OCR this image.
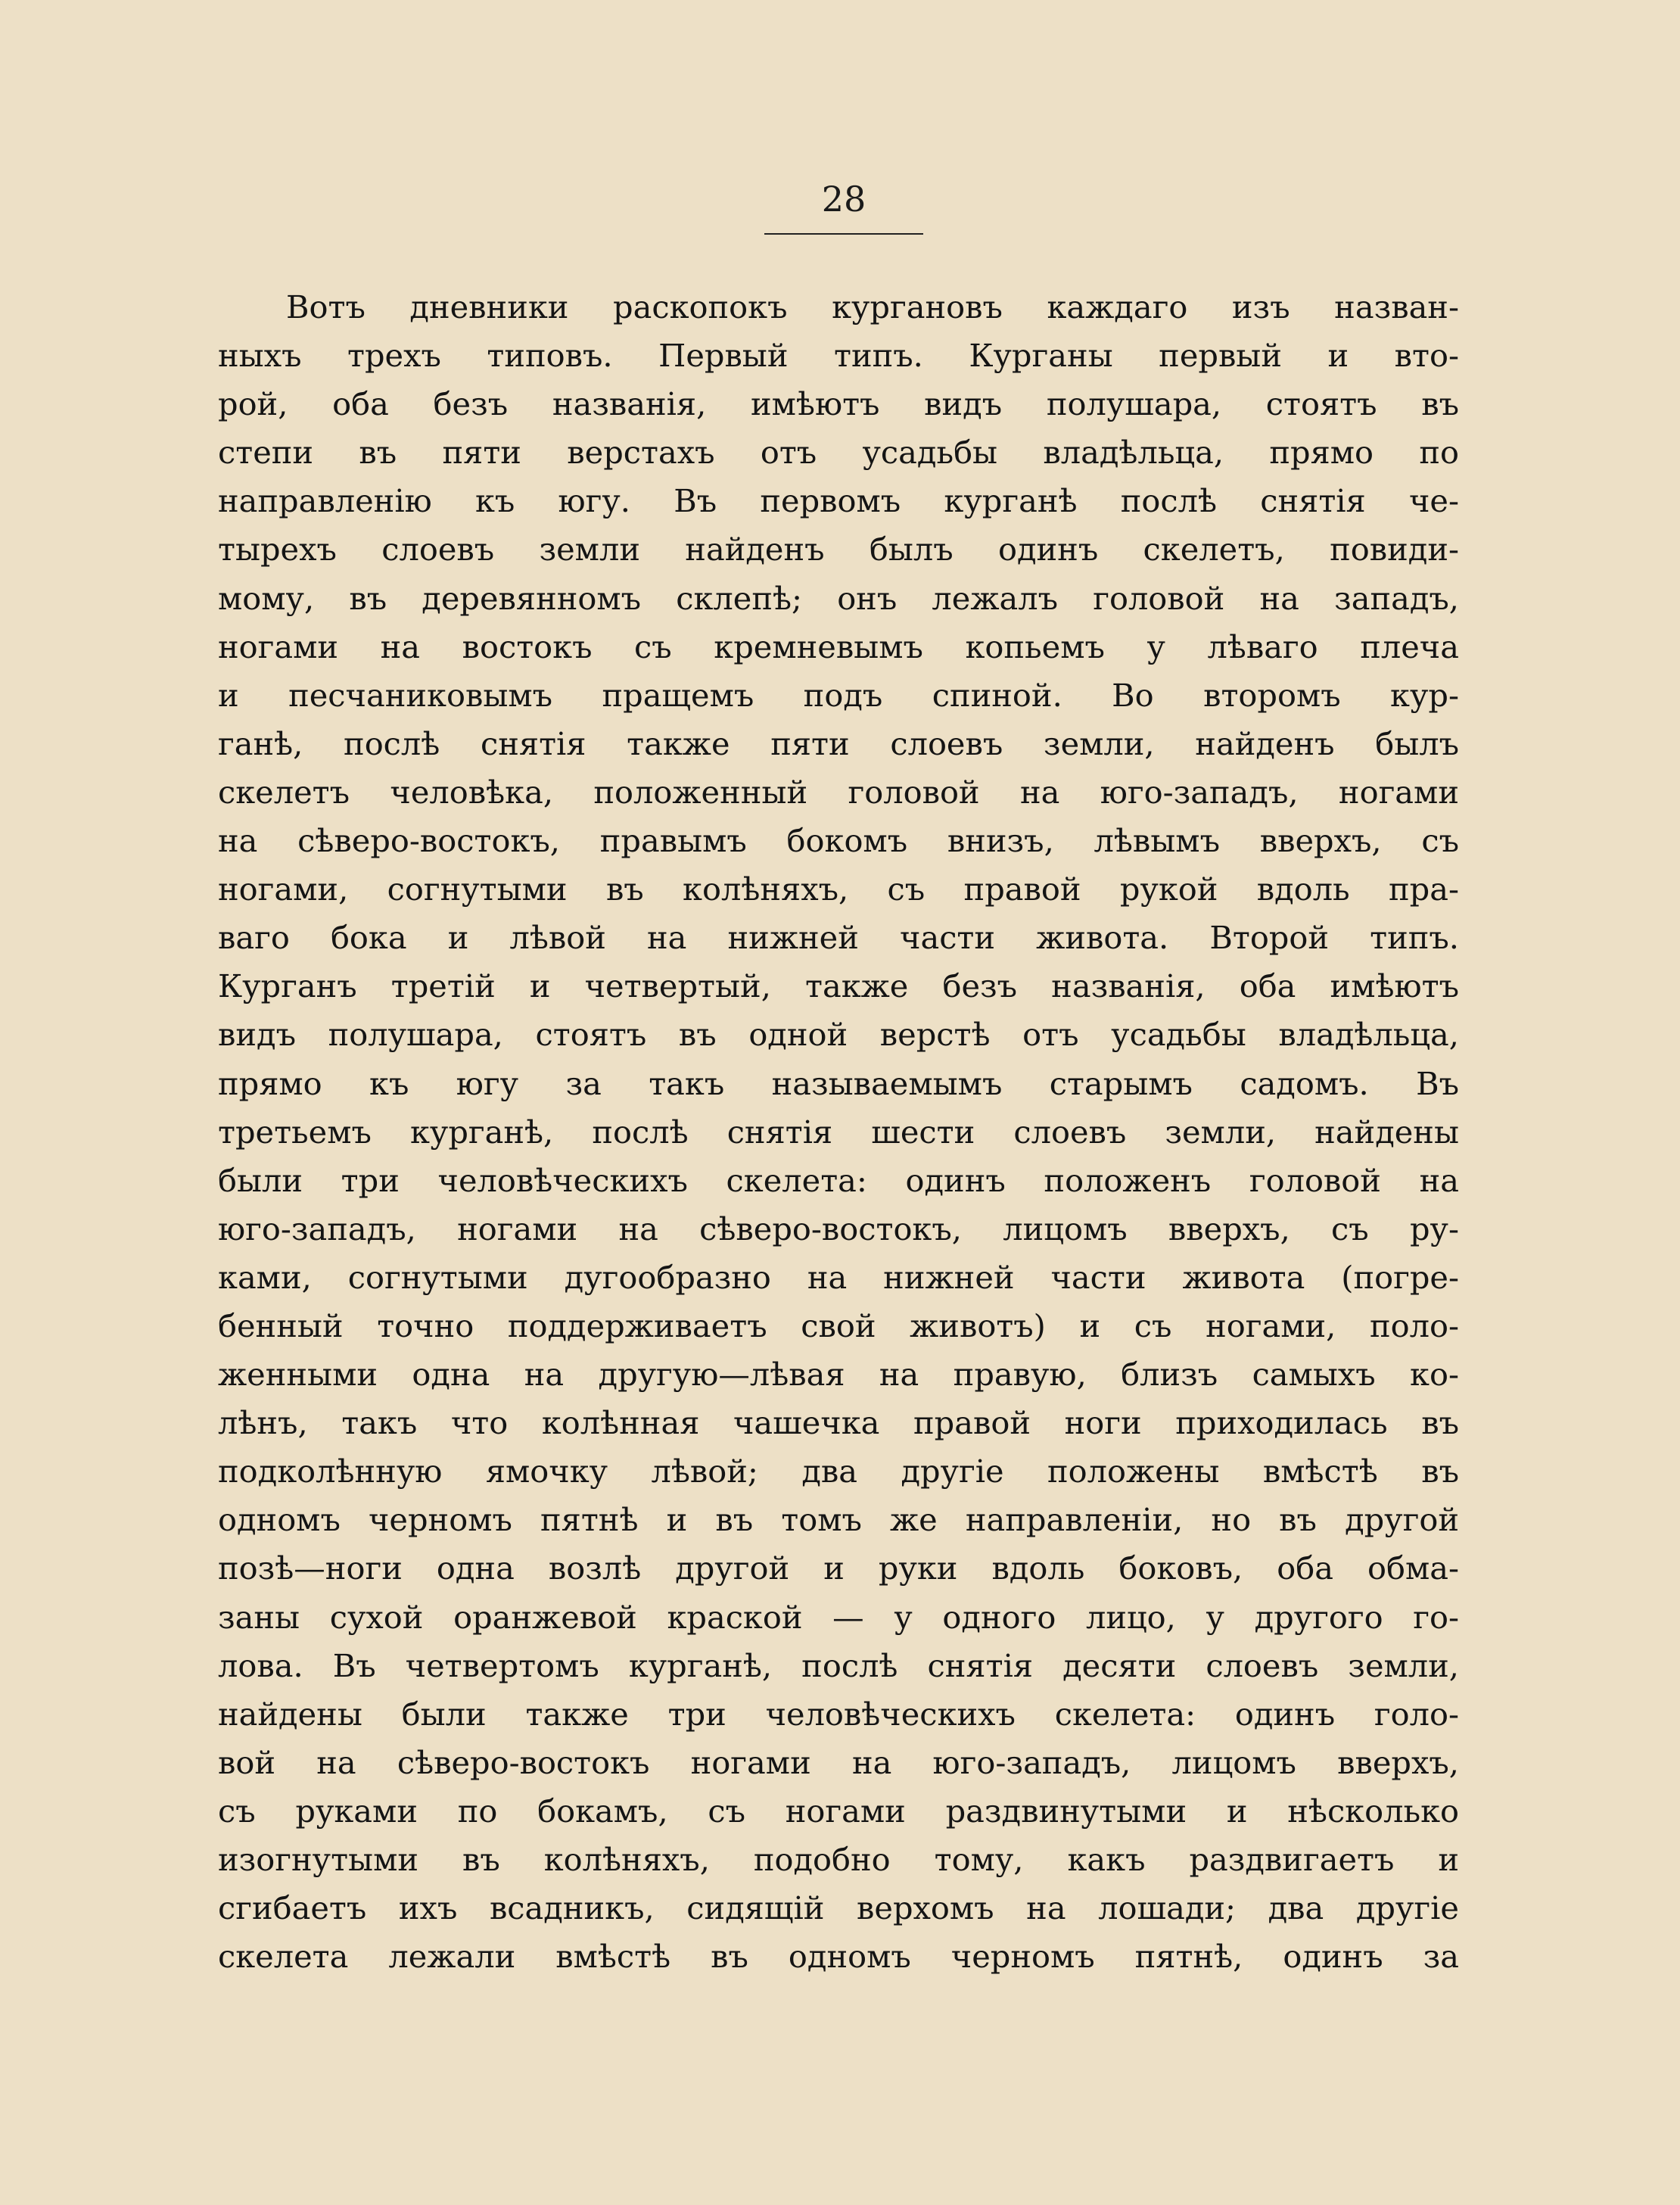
28
Вотъ дневники раскопокъ кургановъ каждаго изъ назван-
ныхъ трехъ типовъ. Первый типъ. Курганы первый и вто-
рой, оба безъ названія, имѣютъ видъ полушара, стоятъ въ
степи въ пяти верстахъ отъ усадьбы владѣльца, прямо по
направленію къ югу. Въ первомъ курганѣ послѣ снятія че-
тырехъ слоевъ земли найденъ былъ одинъ скелетъ, повиди-
мому, въ деревянномъ склепѣ; онъ лежалъ головой на западъ,
ногами на востокъ съ кремневымъ копьемъ у лѣваго плеча
и песчаниковымъ пращемъ подъ спиной. Во второмъ кур-
ганѣ, послѣ снятія также пяти слоевъ земли, найденъ былъ
скелетъ человѣка, положенный головой на юго-западъ, ногами
на сѣверо-востокъ, правымъ бокомъ внизъ, лѣвымъ вверхъ, съ
ногами, согнутыми въ колѣняхъ, съ правой рукой вдоль пра-
ваго бока и лѣвой на нижней части живота. Второй типъ.
Курганъ третій и четвертый, также безъ названія, оба имѣютъ
видъ полушара, стоятъ въ одной верстѣ отъ усадьбы владѣльца,
прямо къ югу за такъ называемымъ старымъ садомъ. Въ
третьемъ курганѣ, послѣ снятія шести слоевъ земли, найдены
были три человѣческихъ скелета: одинъ положенъ головой на
юго-западъ, ногами на сѣверо-востокъ, лицомъ вверхъ, съ ру-
ками, согнутыми дугообразно на нижней части живота (погре-
бенный точно поддерживаетъ свой животъ) и съ ногами, поло-
женными одна на другую—лѣвая на правую, близъ самыхъ ко-
лѣнъ, такъ что колѣнная чашечка правой ноги приходилась въ
подколѣнную ямочку лѣвой; два другіе положены вмѣстѣ въ
одномъ черномъ пятнѣ и въ томъ же направленіи, но въ другой
позѣ—ноги одна возлѣ другой и руки вдоль боковъ, оба обма-
заны сухой оранжевой краской — у одного лицо, у другого го-
лова. Въ четвертомъ курганѣ, послѣ снятія десяти слоевъ земли,
найдены были также три человѣческихъ скелета: одинъ голо-
вой на сѣверо-востокъ ногами на юго-западъ, лицомъ вверхъ,
съ руками по бокамъ, съ ногами раздвинутыми и нѣсколько
изогнутыми въ колѣняхъ, подобно тому, какъ раздвигаетъ и
сгибаетъ ихъ всадникъ, сидящій верхомъ на лошади; два другіе
скелета лежали вмѣстѣ въ одномъ черномъ пятнѣ, одинъ за
